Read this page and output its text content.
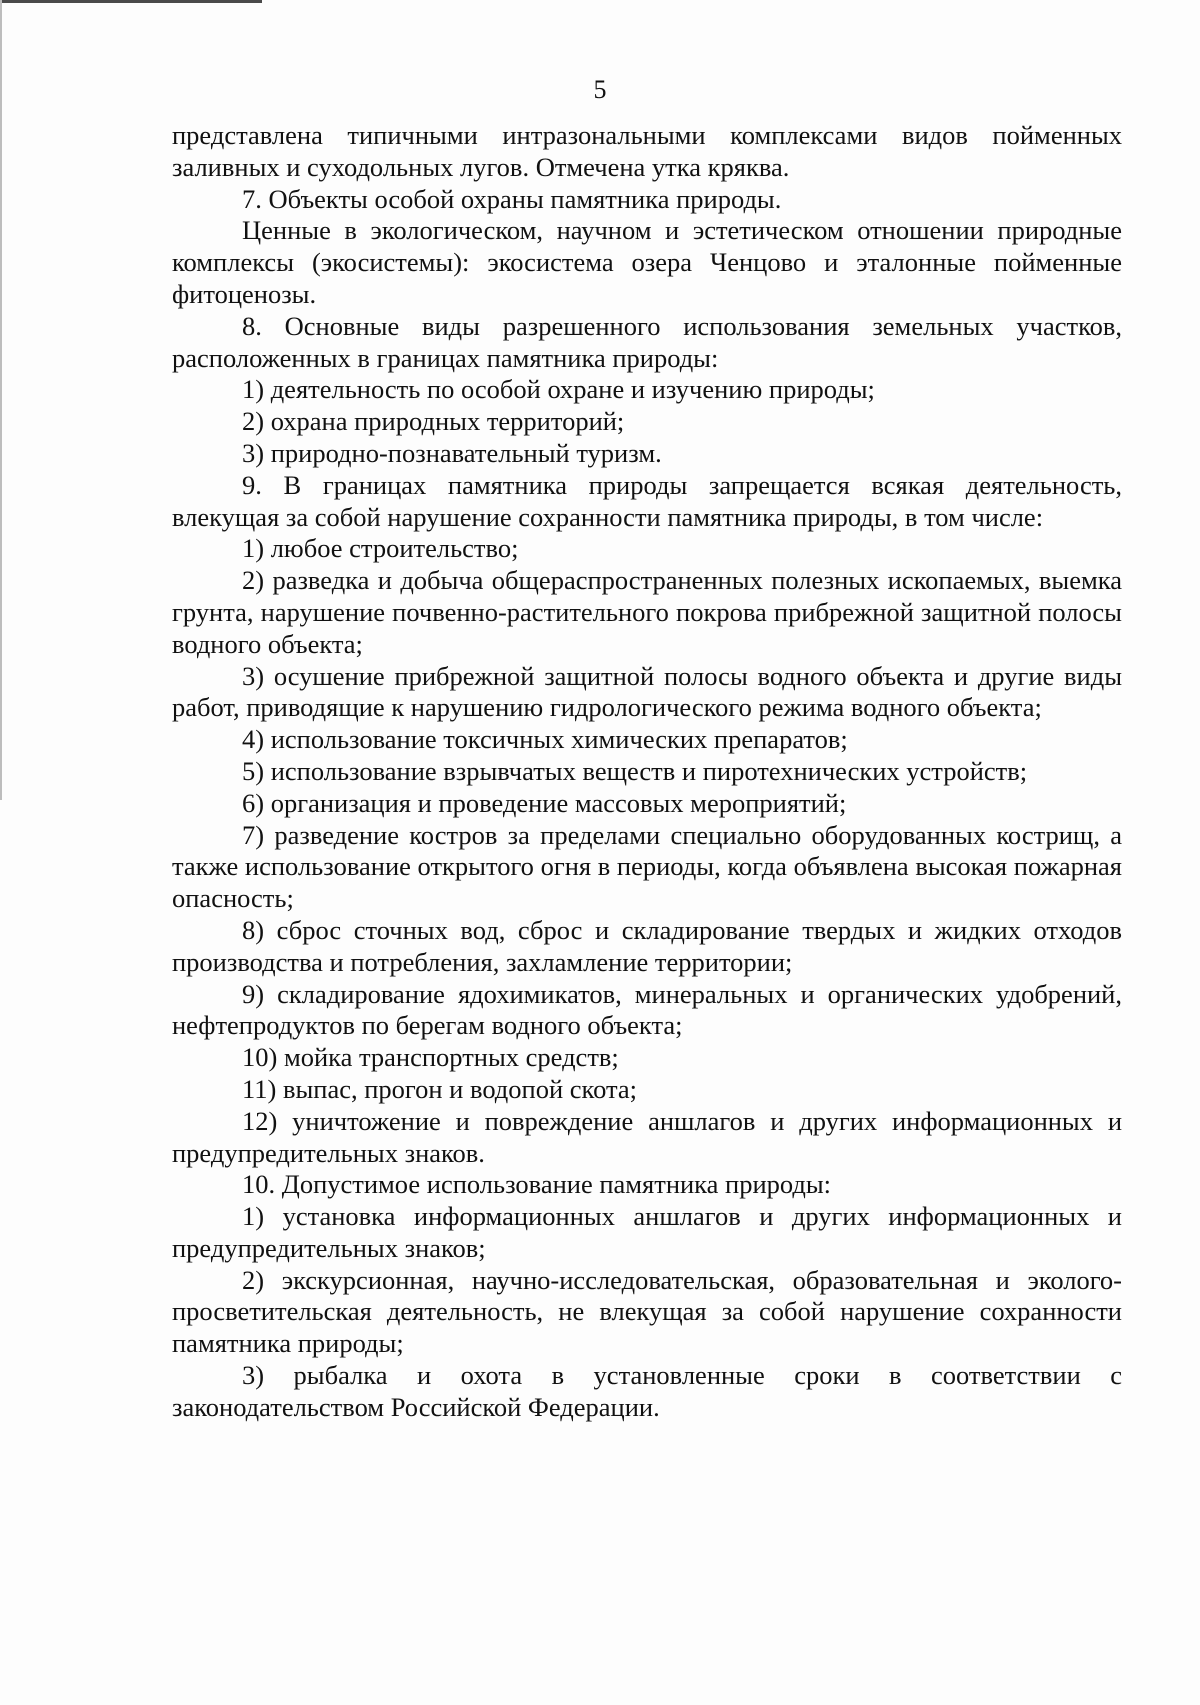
5

представлена типичными интразональными комплексами видов пойменных заливных и суходольных лугов. Отмечена утка кряква.

7. Объекты особой охраны памятника природы.

Ценные в экологическом, научном и эстетическом отношении природные комплексы (экосистемы): экосистема озера Ченцово и эталонные пойменные фитоценозы.

8. Основные виды разрешенного использования земельных участков, расположенных в границах памятника природы:

1) деятельность по особой охране и изучению природы;

2) охрана природных территорий;

3) природно-познавательный туризм.

9. В границах памятника природы запрещается всякая деятельность, влекущая за собой нарушение сохранности памятника природы, в том числе:

1) любое строительство;

2) разведка и добыча общераспространенных полезных ископаемых, выемка грунта, нарушение почвенно-растительного покрова прибрежной защитной полосы водного объекта;

3) осушение прибрежной защитной полосы водного объекта и другие виды работ, приводящие к нарушению гидрологического режима водного объекта;

4) использование токсичных химических препаратов;

5) использование взрывчатых веществ и пиротехнических устройств;

6) организация и проведение массовых мероприятий;

7) разведение костров за пределами специально оборудованных кострищ, а также использование открытого огня в периоды, когда объявлена высокая пожарная опасность;

8) сброс сточных вод, сброс и складирование твердых и жидких отходов производства и потребления, захламление территории;

9) складирование ядохимикатов, минеральных и органических удобрений, нефтепродуктов по берегам водного объекта;

10) мойка транспортных средств;

11) выпас, прогон и водопой скота;

12) уничтожение и повреждение аншлагов и других информационных и предупредительных знаков.

10. Допустимое использование памятника природы:

1) установка информационных аншлагов и других информационных и предупредительных знаков;

2) экскурсионная, научно-исследовательская, образовательная и эколого-просветительская деятельность, не влекущая за собой нарушение сохранности памятника природы;

3) рыбалка и охота в установленные сроки в соответствии с законодательством Российской Федерации.
